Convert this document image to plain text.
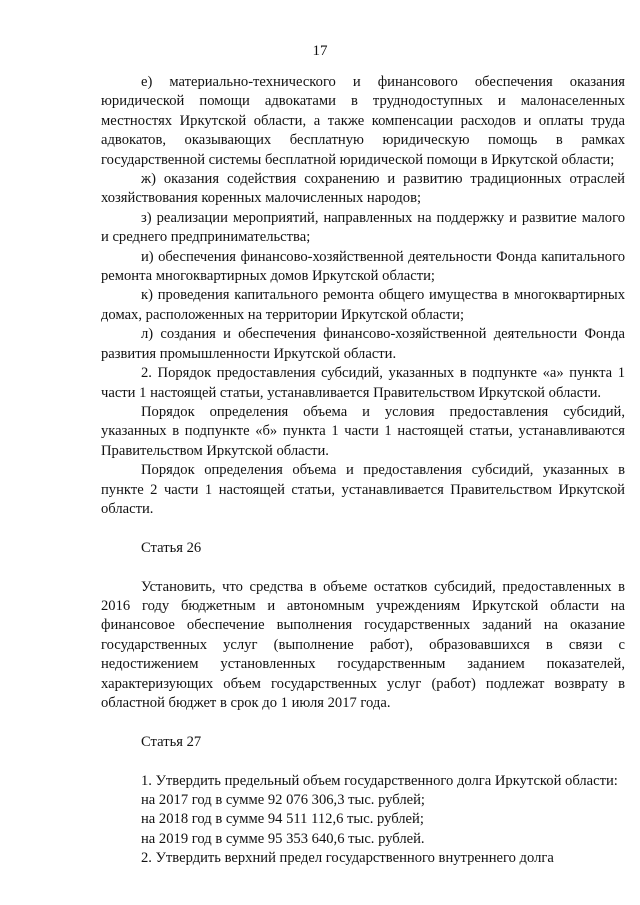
17

е) материально-технического и финансового обеспечения оказания юридической помощи адвокатами в труднодоступных и малонаселенных местностях Иркутской области, а также компенсации расходов и оплаты труда адвокатов, оказывающих бесплатную юридическую помощь в рамках государственной системы бесплатной юридической помощи в Иркутской области;

ж) оказания содействия сохранению и развитию традиционных отраслей хозяйствования коренных малочисленных народов;

з) реализации мероприятий, направленных на поддержку и развитие малого и среднего предпринимательства;

и) обеспечения финансово-хозяйственной деятельности Фонда капитального ремонта многоквартирных домов Иркутской области;

к) проведения капитального ремонта общего имущества в многоквартирных домах, расположенных на территории Иркутской области;

л) создания и обеспечения финансово-хозяйственной деятельности Фонда развития промышленности Иркутской области.

2. Порядок предоставления субсидий, указанных в подпункте «а» пункта 1 части 1 настоящей статьи, устанавливается Правительством Иркутской области.

Порядок определения объема и условия предоставления субсидий, указанных в подпункте «б» пункта 1 части 1 настоящей статьи, устанавливаются Правительством Иркутской области.

Порядок определения объема и предоставления субсидий, указанных в пункте 2 части 1 настоящей статьи, устанавливается Правительством Иркутской области.

Статья 26

Установить, что средства в объеме остатков субсидий, предоставленных в 2016 году бюджетным и автономным учреждениям Иркутской области на финансовое обеспечение выполнения государственных заданий на оказание государственных услуг (выполнение работ), образовавшихся в связи с недостижением установленных государственным заданием показателей, характеризующих объем государственных услуг (работ) подлежат возврату в областной бюджет в срок до 1 июля 2017 года.

Статья 27

1. Утвердить предельный объем государственного долга Иркутской области:

на 2017 год в сумме 92 076 306,3 тыс. рублей;

на 2018 год в сумме 94 511 112,6 тыс. рублей;

на 2019 год в сумме 95 353 640,6 тыс. рублей.

2. Утвердить верхний предел государственного внутреннего долга
